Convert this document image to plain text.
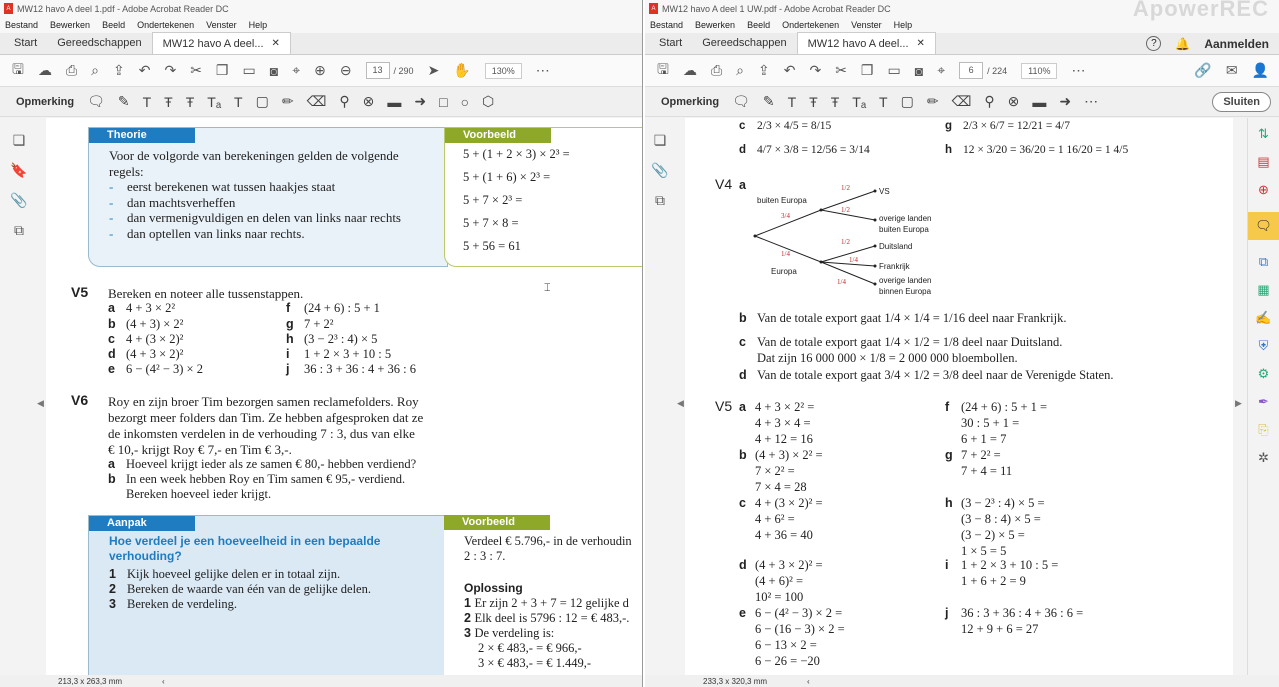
A MW12 havo A deel 1.pdf - Adobe Acrobat Reader DC
Bestand Bewerken Beeld Ondertekenen Venster Help
Start	Gereedschappen	MW12 havo A deel... ✕
🖫 ☁ ⎙ ⌕ ⇪ ↶ ↷ ✂ ❐ ▭ ◙ ⌖ ⊕ ⊖	13	/ 290 ➤ ✋	130%	⋯
Opmerking 🗨 ✎ T Ŧ Ŧ Tₐ T ▢ ✏ ⌫ ⚲ ⊗ ▬ ➜ □ ○ ⬡
❏
🔖
📎
⧉
◀
Theorie
Voor de volgorde van berekeningen gelden de volgende
regels:
- eerst berekenen wat tussen haakjes staat
- dan machtsverheffen
- dan vermenigvuldigen en delen van links naar rechts
- dan optellen van links naar rechts.
Voorbeeld
5 + (1 + 2 × 3) × 2³ =
5 + (1 + 6) × 2³ =
5 + 7 × 2³ =
5 + 7 × 8 =
5 + 56 = 61
V5 Bereken en noteer alle tussenstappen.
a 4 + 3 × 2²
b (4 + 3) × 2²
c 4 + (3 × 2)²
d (4 + 3 × 2)²
e 6 − (4² − 3) × 2
f (24 + 6) : 5 + 1
g 7 + 2²
h (3 − 2³ : 4) × 5
i 1 + 2 × 3 + 10 : 5
j 36 : 3 + 36 : 4 + 36 : 6
V6 Roy en zijn broer Tim bezorgen samen reclamefolders. Roy
bezorgt meer folders dan Tim. Ze hebben afgesproken dat ze
de inkomsten verdelen in de verhouding 7 : 3, dus van elke
€ 10,- krijgt Roy € 7,- en Tim € 3,-.
a Hoeveel krijgt ieder als ze samen € 80,- hebben verdiend?
b In een week hebben Roy en Tim samen € 95,- verdiend.
Bereken hoeveel ieder krijgt.
Aanpak
Hoe verdeel je een hoeveelheid in een bepaalde verhouding?
1 Kijk hoeveel gelijke delen er in totaal zijn.
2 Bereken de waarde van één van de gelijke delen.
3 Bereken de verdeling.
Voorbeeld
Verdeel € 5.796,- in de verhoudin
2 : 3 : 7.
Oplossing
1 Er zijn 2 + 3 + 7 = 12 gelijke d
2 Elk deel is 5796 : 12 = € 483,-.
3 De verdeling is:
2 × € 483,- = € 966,-
3 × € 483,- = € 1.449,-
⌶
213,3 x 263,3 mm	‹
A MW12 havo A deel 1 UW.pdf - Adobe Acrobat Reader DC	ApowerREC
Bestand Bewerken Beeld Ondertekenen Venster Help
Start	Gereedschappen	MW12 havo A deel... ✕	?	🔔 Aanmelden
🖫 ☁ ⎙ ⌕ ⇪ ↶ ↷ ✂ ❐ ▭ ◙ ⌖	6	/ 224	110%	⋯	🔗 ✉ 👤
Opmerking 🗨 ✎ T Ŧ Ŧ Tₐ T ▢ ✏ ⌫ ⚲ ⊗ ▬ ➜ ⋯	Sluiten
❏
📎
⧉
◀	▶
⇅
▤
⊕
🗨
⧉
▦
✍
⛨
⚙
✒
⎘
✲
c 2/3 × 4/5 = 8/15
d 4/7 × 3/8 = 12/56 = 3/14
g 2/3 × 6/7 = 12/21 = 4/7
h 12 × 3/20 = 36/20 = 1 16/20 = 1 4/5
V4 a
buiten Europa
Europa
VS
overige landen
buiten Europa
Duitsland
Frankrijk
overige landen
binnen Europa
3/4
1/4
1/2
1/2
1/2
1/4
1/4
b Van de totale export gaat 1/4 × 1/4 = 1/16 deel naar Frankrijk.
c Van de totale export gaat 1/4 × 1/2 = 1/8 deel naar Duitsland.
Dat zijn 16 000 000 × 1/8 = 2 000 000 bloembollen.
d Van de totale export gaat 3/4 × 1/2 = 3/8 deel naar de Verenigde Staten.
V5 a 4 + 3 × 2² =
4 + 3 × 4 =
4 + 12 = 16
b (4 + 3) × 2² =
7 × 2² =
7 × 4 = 28
c 4 + (3 × 2)² =
4 + 6² =
4 + 36 = 40
d (4 + 3 × 2)² =
(4 + 6)² =
10² = 100
e 6 − (4² − 3) × 2 =
6 − (16 − 3) × 2 =
6 − 13 × 2 =
6 − 26 = −20
f (24 + 6) : 5 + 1 =
30 : 5 + 1 =
6 + 1 = 7
g 7 + 2² =
7 + 4 = 11
h (3 − 2³ : 4) × 5 =
(3 − 8 : 4) × 5 =
(3 − 2) × 5 =
1 × 5 = 5
i	1 + 2 × 3 + 10 : 5 =
1 + 6 + 2 = 9
j	36 : 3 + 36 : 4 + 36 : 6 =
12 + 9 + 6 = 27
233,3 x 320,3 mm	‹
